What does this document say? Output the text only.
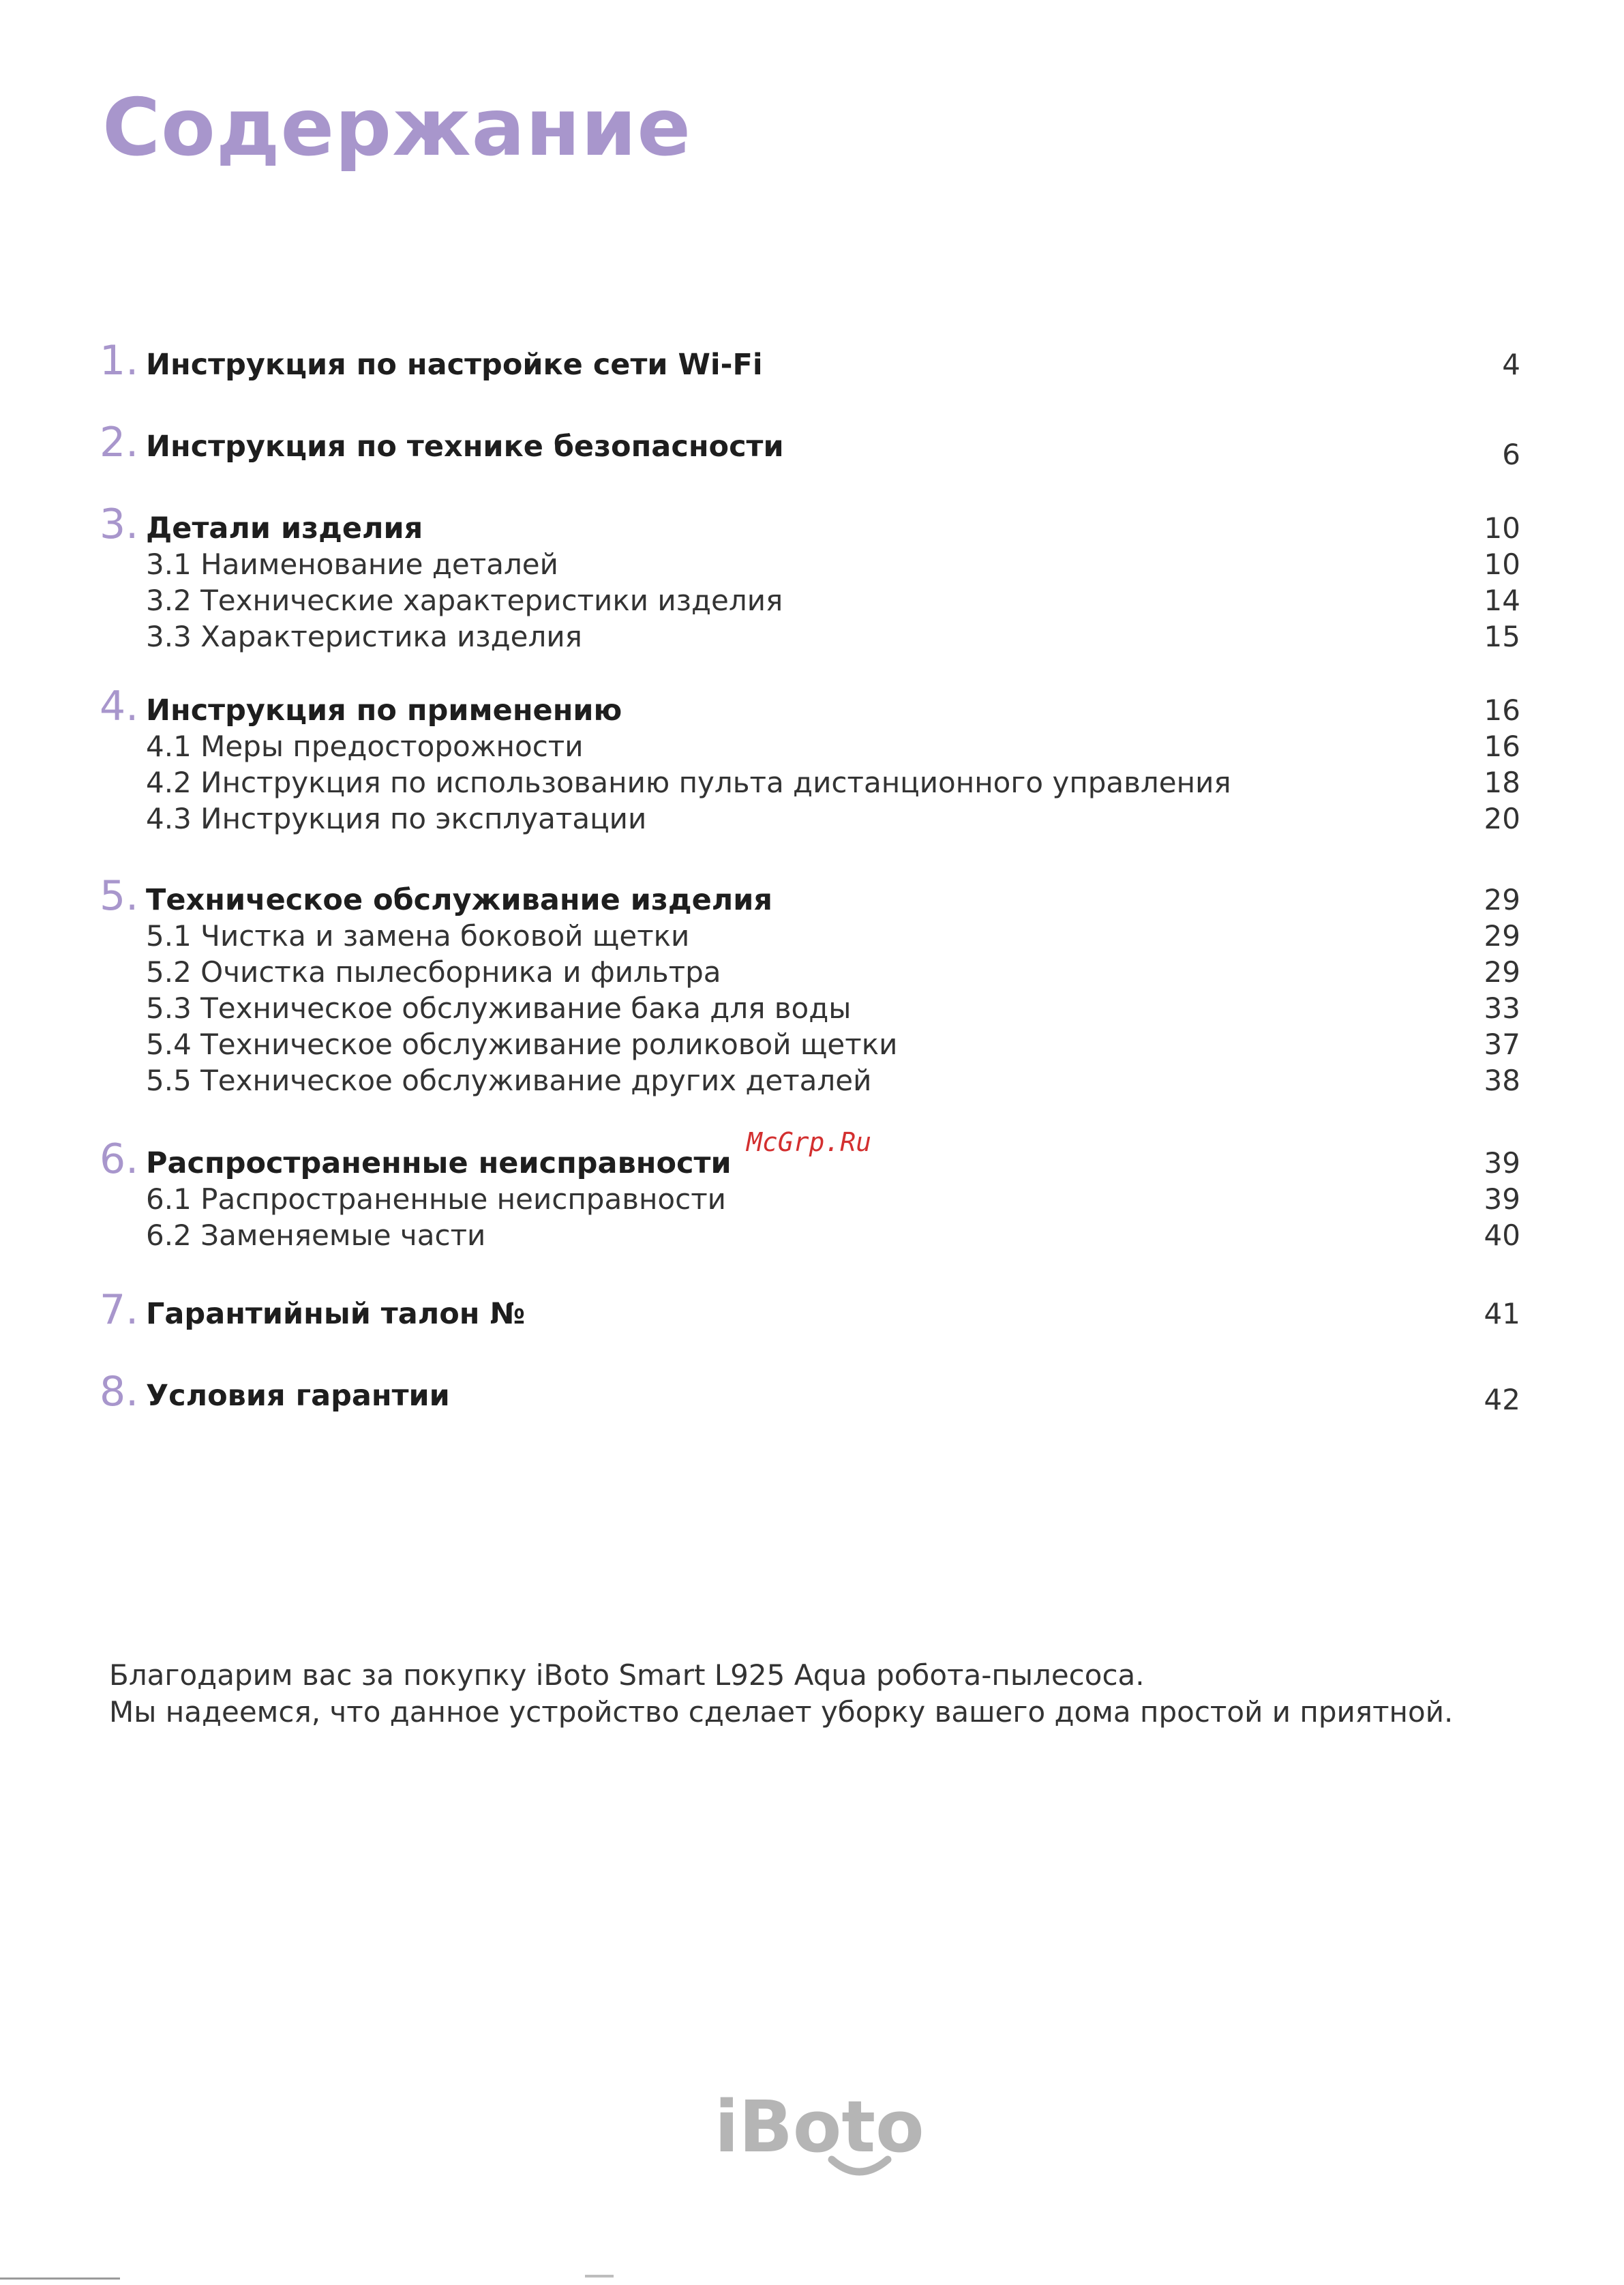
Содержание
1. Инструкция по настройке сети Wi-Fi	4
2. Инструкция по технике безопасности	6
3. Детали изделия	10
3.1 Наименование деталей	10
3.2 Технические характеристики изделия	14
3.3 Характеристика изделия	15
4. Инструкция по применению	16
4.1 Меры предосторожности	16
4.2 Инструкция по использованию пульта дистанционного управления	18
4.3 Инструкция по эксплуатации	20
5. Техническое обслуживание изделия	29
5.1 Чистка и замена боковой щетки	29
5.2 Очистка пылесборника и фильтра	29
5.3 Техническое обслуживание бака для воды	33
5.4 Техническое обслуживание роликовой щетки	37
5.5 Техническое обслуживание других деталей	38
6. Распространенные неисправности	39
6.1 Распространенные неисправности	39
6.2 Заменяемые части	40
7. Гарантийный талон №	41
8. Условия гарантии	42
McGrp.Ru
Благодарим вас за покупку iBoto Smart L925 Aqua робота-пылесоса.
Мы надеемся, что данное устройство сделает уборку вашего дома простой и приятной.
iBoto
